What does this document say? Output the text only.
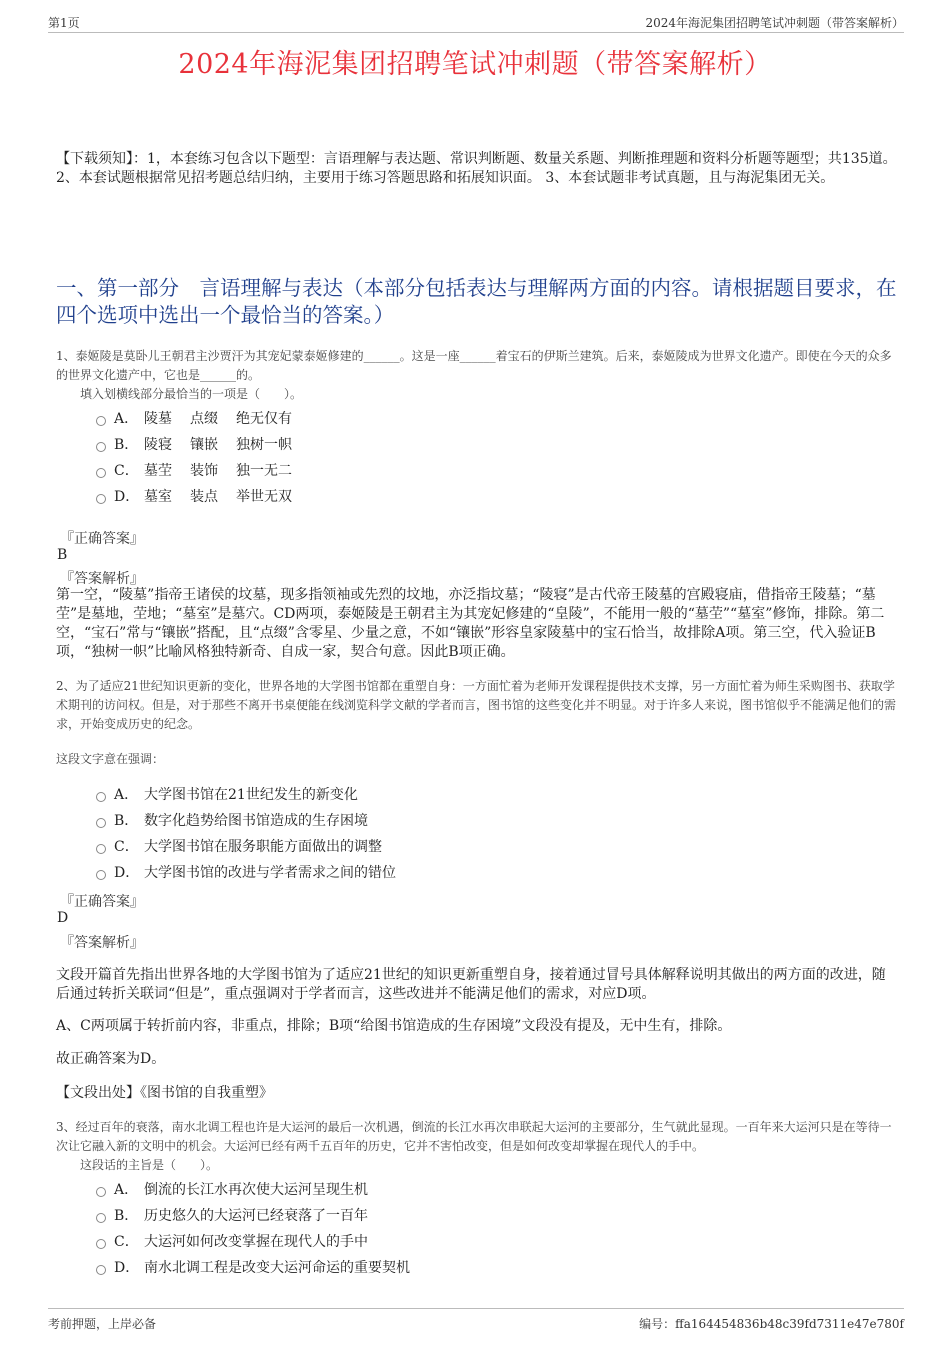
第1页	2024年海泥集团招聘笔试冲刺题（带答案解析）
2024年海泥集团招聘笔试冲刺题（带答案解析）
【下载须知】：1，本套练习包含以下题型：言语理解与表达题、常识判断题、数量关系题、判断推理题和资料分析题等题型；共135道。 2、本套试题根据常见招考题总结归纳，主要用于练习答题思路和拓展知识面。 3、本套试题非考试真题，且与海泥集团无关。
一、第一部分　言语理解与表达（本部分包括表达与理解两方面的内容。请根据题目要求，在四个选项中选出一个最恰当的答案。）
1、泰姬陵是莫卧儿王朝君主沙贾汗为其宠妃蒙泰姬修建的______。这是一座______着宝石的伊斯兰建筑。后来，泰姬陵成为世界文化遗产。即使在今天的众多的世界文化遗产中，它也是______的。
填入划横线部分最恰当的一项是（　　）。
A． 陵墓 点缀 绝无仅有
B． 陵寝 镶嵌 独树一帜
C． 墓茔 装饰 独一无二
D． 墓室 装点 举世无双
『正确答案』
B
『答案解析』
第一空，“陵墓”指帝王诸侯的坟墓，现多指领袖或先烈的坟地，亦泛指坟墓；“陵寝”是古代帝王陵墓的宫殿寝庙，借指帝王陵墓；“墓茔”是墓地，茔地；“墓室”是墓穴。CD两项，泰姬陵是王朝君主为其宠妃修建的“皇陵”，不能用一般的“墓茔”“墓室”修饰，排除。第二空，“宝石”常与“镶嵌”搭配，且“点缀”含零星、少量之意，不如“镶嵌”形容皇家陵墓中的宝石恰当，故排除A项。第三空，代入验证B项，“独树一帜”比喻风格独特新奇、自成一家，契合句意。因此B项正确。
2、为了适应21世纪知识更新的变化，世界各地的大学图书馆都在重塑自身：一方面忙着为老师开发课程提供技术支撑，另一方面忙着为师生采购图书、获取学术期刊的访问权。但是，对于那些不离开书桌便能在线浏览科学文献的学者而言，图书馆的这些变化并不明显。对于许多人来说，图书馆似乎不能满足他们的需求，开始变成历史的纪念。
这段文字意在强调：
A． 大学图书馆在21世纪发生的新变化
B． 数字化趋势给图书馆造成的生存困境
C． 大学图书馆在服务职能方面做出的调整
D． 大学图书馆的改进与学者需求之间的错位
『正确答案』
D
『答案解析』
文段开篇首先指出世界各地的大学图书馆为了适应21世纪的知识更新重塑自身，接着通过冒号具体解释说明其做出的两方面的改进，随后通过转折关联词“但是”，重点强调对于学者而言，这些改进并不能满足他们的需求，对应D项。
A、C两项属于转折前内容，非重点，排除；B项“给图书馆造成的生存困境”文段没有提及，无中生有，排除。
故正确答案为D。
【文段出处】《图书馆的自我重塑》
3、经过百年的衰落，南水北调工程也许是大运河的最后一次机遇，倒流的长江水再次串联起大运河的主要部分，生气就此显现。一百年来大运河只是在等待一次让它融入新的文明中的机会。大运河已经有两千五百年的历史，它并不害怕改变，但是如何改变却掌握在现代人的手中。
这段话的主旨是（　　）。
A． 倒流的长江水再次使大运河呈现生机
B． 历史悠久的大运河已经衰落了一百年
C． 大运河如何改变掌握在现代人的手中
D． 南水北调工程是改变大运河命运的重要契机
考前押题，上岸必备	编号：ffa164454836b48c39fd7311e47e780f
